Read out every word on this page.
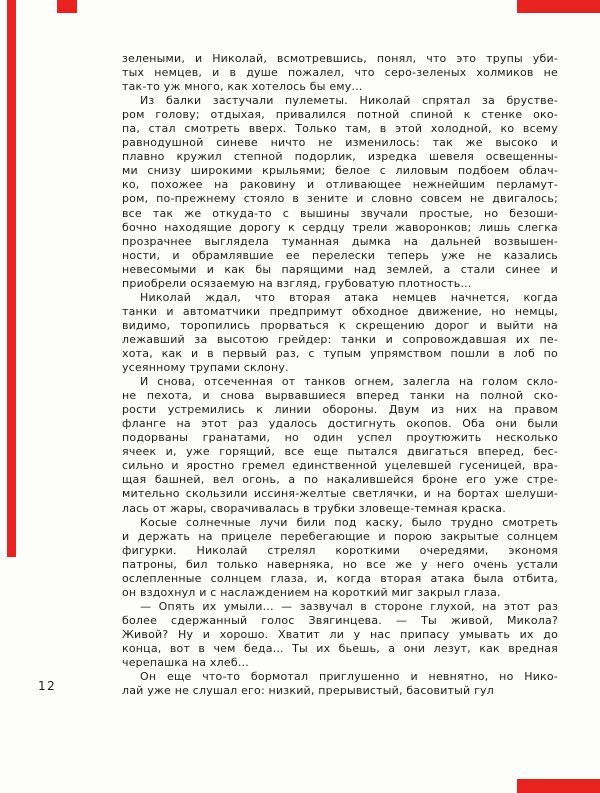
зелеными, и Николай, всмотревшись, понял, что это трупы уби-
тых немцев, и в душе пожалел, что серо-зеленых холмиков не
так-то уж много, как хотелось бы ему...
Из балки застучали пулеметы. Николай спрятал за брустве-
ром голову; отдыхая, привалился потной спиной к стенке око-
па, стал смотреть вверх. Только там, в этой холодной, ко всему
равнодушной синеве ничто не изменилось: так же высоко и
плавно кружил степной подорлик, изредка шевеля освещенны-
ми снизу широкими крыльями; белое с лиловым подбоем облач-
ко, похожее на раковину и отливающее нежнейшим перламут-
ром, по-прежнему стояло в зените и словно совсем не двигалось;
все так же откуда-то с вышины звучали простые, но безоши-
бочно находящие дорогу к сердцу трели жаворонков; лишь слегка
прозрачнее выглядела туманная дымка на дальней возвышен-
ности, и обрамлявшие ее перелески теперь уже не казались
невесомыми и как бы парящими над землей, а стали синее и
приобрели осязаемую на взгляд, грубоватую плотность...
Николай ждал, что вторая атака немцев начнется, когда
танки и автоматчики предпримут обходное движение, но немцы,
видимо, торопились прорваться к скрещению дорог и выйти на
лежавший за высотою грейдер: танки и сопровождавшая их пе-
хота, как и в первый раз, с тупым упрямством пошли в лоб по
усеянному трупами склону.
И снова, отсеченная от танков огнем, залегла на голом скло-
не пехота, и снова вырвавшиеся вперед танки на полной ско-
рости устремились к линии обороны. Двум из них на правом
фланге на этот раз удалось достигнуть окопов. Оба они были
подорваны гранатами, но один успел проутюжить несколько
ячеек и, уже горящий, все еще пытался двигаться вперед, бес-
сильно и яростно гремел единственной уцелевшей гусеницей, вра-
щая башней, вел огонь, а по накалившейся броне его уже стре-
мительно скользили иссиня-желтые светлячки, и на бортах шелуши-
лась от жары, сворачивалась в трубки зловеще-темная краска.
Косые солнечные лучи били под каску, было трудно смотреть
и держать на прицеле перебегающие и порою закрытые солнцем
фигурки. Николай стрелял короткими очередями, экономя
патроны, бил только наверняка, но все же у него очень устали
ослепленные солнцем глаза, и, когда вторая атака была отбита,
он вздохнул и с наслаждением на короткий миг закрыл глаза.
— Опять их умыли... — зазвучал в стороне глухой, на этот раз
более сдержанный голос Звягинцева. — Ты живой, Микола?
Живой? Ну и хорошо. Хватит ли у нас припасу умывать их до
конца, вот в чем беда... Ты их бьешь, а они лезут, как вредная
черепашка на хлеб...
Он еще что-то бормотал приглушенно и невнятно, но Нико-
лай уже не слушал его: низкий, прерывистый, басовитый гул
12
